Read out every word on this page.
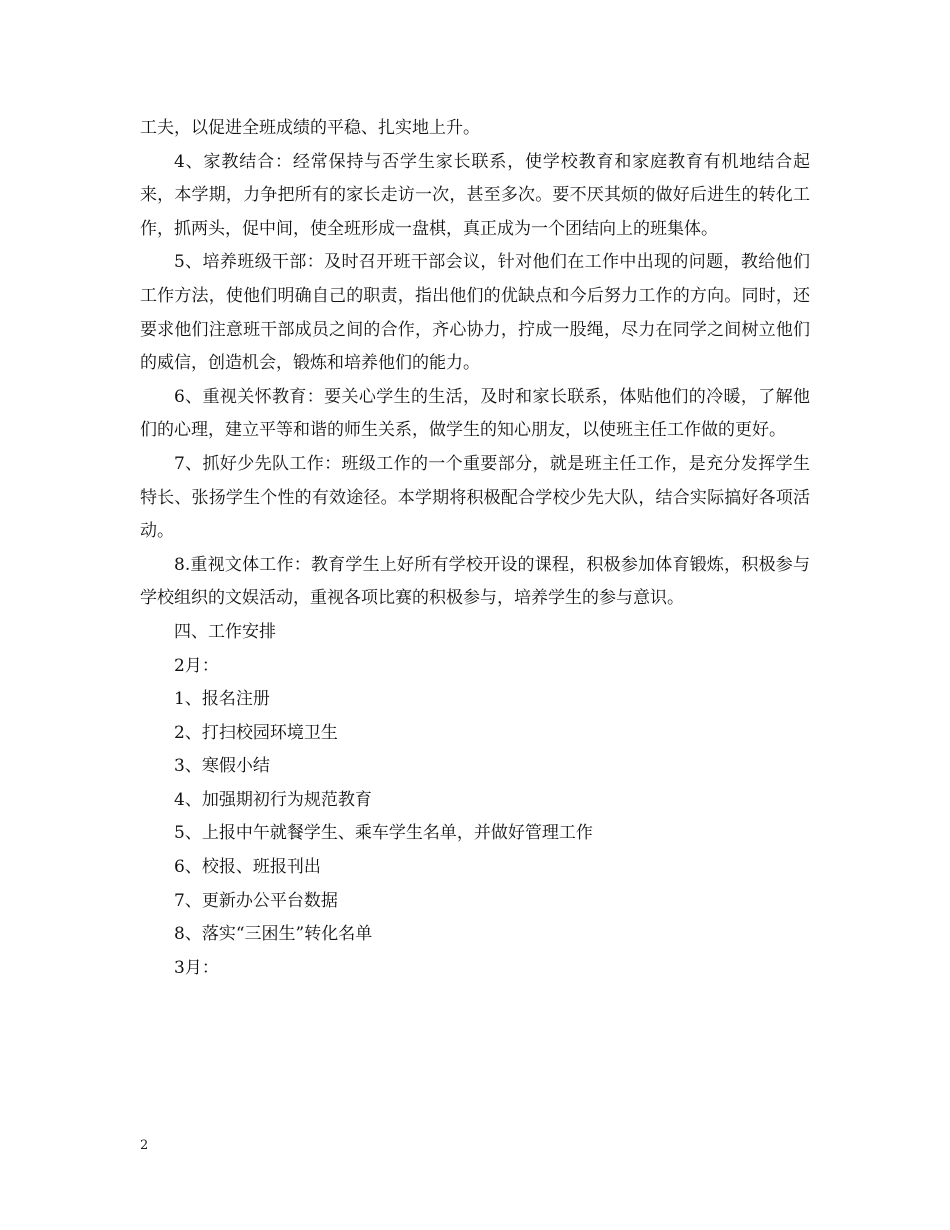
工夫，以促进全班成绩的平稳、扎实地上升。

4、家教结合：经常保持与否学生家长联系，使学校教育和家庭教育有机地结合起来，本学期，力争把所有的家长走访一次，甚至多次。要不厌其烦的做好后进生的转化工作，抓两头，促中间，使全班形成一盘棋，真正成为一个团结向上的班集体。

5、培养班级干部：及时召开班干部会议，针对他们在工作中出现的问题，教给他们工作方法，使他们明确自己的职责，指出他们的优缺点和今后努力工作的方向。同时，还要求他们注意班干部成员之间的合作，齐心协力，拧成一股绳，尽力在同学之间树立他们的威信，创造机会，锻炼和培养他们的能力。

6、重视关怀教育：要关心学生的生活，及时和家长联系，体贴他们的冷暖，了解他们的心理，建立平等和谐的师生关系，做学生的知心朋友，以使班主任工作做的更好。

7、抓好少先队工作：班级工作的一个重要部分，就是班主任工作，是充分发挥学生特长、张扬学生个性的有效途径。本学期将积极配合学校少先大队，结合实际搞好各项活动。

8.重视文体工作：教育学生上好所有学校开设的课程，积极参加体育锻炼，积极参与学校组织的文娱活动，重视各项比赛的积极参与，培养学生的参与意识。

四、工作安排

2月：

1、报名注册

2、打扫校园环境卫生

3、寒假小结

4、加强期初行为规范教育

5、上报中午就餐学生、乘车学生名单，并做好管理工作

6、校报、班报刊出

7、更新办公平台数据

8、落实“三困生”转化名单

3月：

2
